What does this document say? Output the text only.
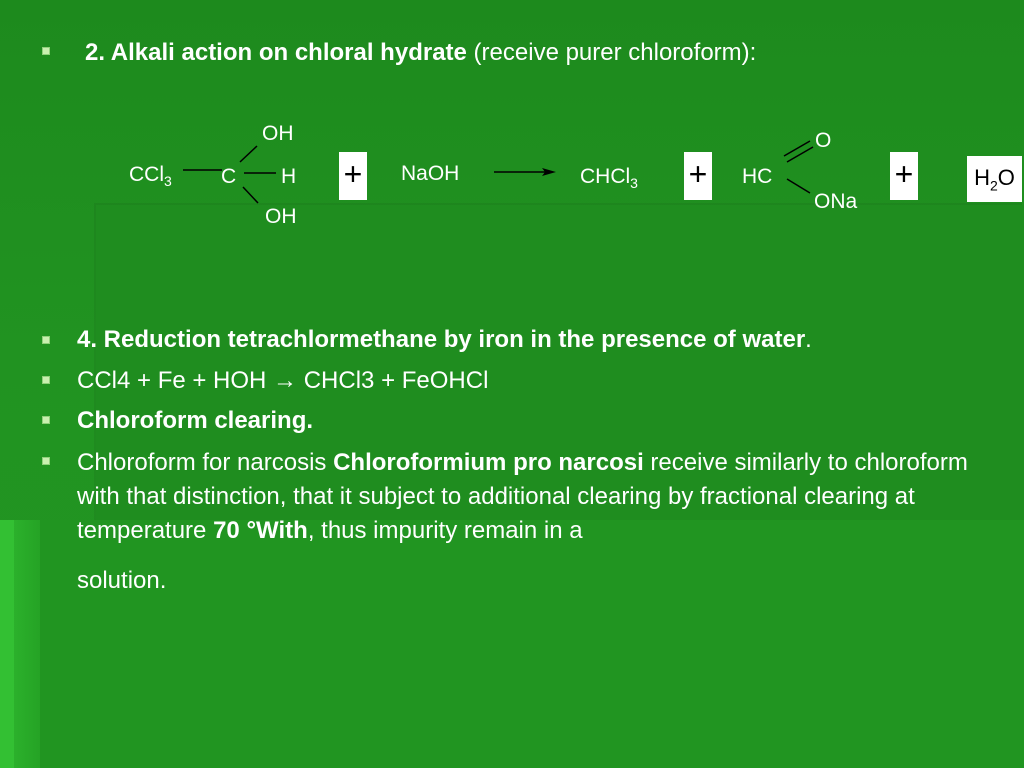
2. Alkali action on chloral hydrate (receive purer chloroform):
CCl$_3$ C H
OH
OH
+ NaOH	CHCl$_3$ + HC
O
ONa
+	$H_2O$
4. Reduction tetrachlormethane by iron in the presence of water.
CCl4 + Fe + HOH → CHCl3 + FeOHCl
Chloroform clearing.
Chloroform for narcosis Chloroformium pro narcosi receive similarly to chloroform with that distinction, that it subject to additional clearing by fractional clearing at temperature 70 °With, thus impurity remain in a
solution.
